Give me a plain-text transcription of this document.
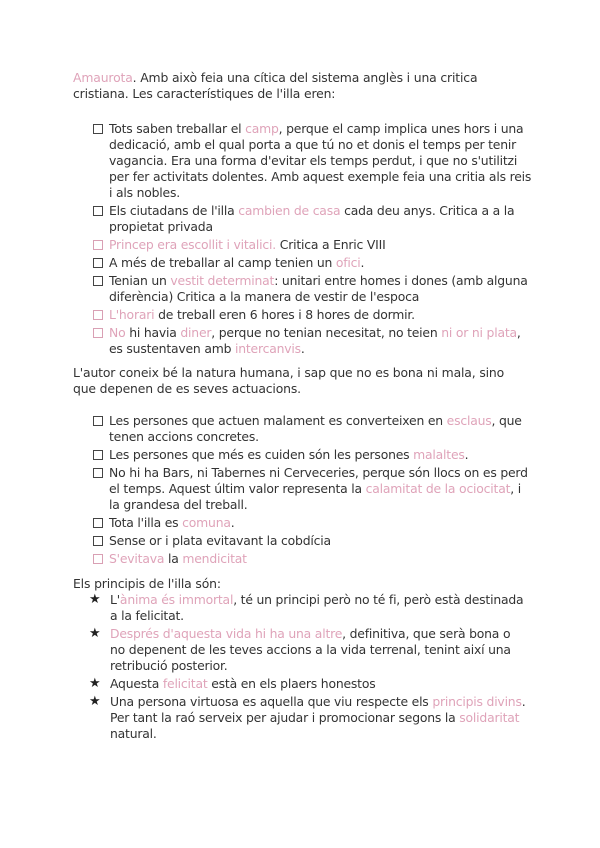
Amaurota. Amb això feia una cítica del sistema anglès i una critica cristiana. Les característiques de l'illa eren:
Tots saben treballar el camp, perque el camp implica unes hors i una dedicació, amb el qual porta a que tú no et donis el temps per tenir vagancia. Era una forma d'evitar els temps perdut, i que no s'utilitzi per fer activitats dolentes. Amb aquest exemple feia una critia als reis i als nobles.
Els ciutadans de l'illa cambien de casa cada deu anys. Critica a a la propietat privada
Princep era escollit i vitalici. Critica a Enric VIII
A més de treballar al camp tenien un ofici.
Tenian un vestit determinat: unitari entre homes i dones (amb alguna diferència) Critica a la manera de vestir de l'espoca
L'horari de treball eren 6 hores i 8 hores de dormir.
No hi havia diner, perque no tenian necesitat, no teien ni or ni plata, es sustentaven amb intercanvis.
L'autor coneix bé la natura humana, i sap que no es bona ni mala, sino que depenen de es seves actuacions.
Les persones que actuen malament es converteixen en esclaus, que tenen accions concretes.
Les persones que més es cuiden són les persones malaltes.
No hi ha Bars, ni Tabernes ni Cerveceries, perque són llocs on es perd el temps. Aquest últim valor representa la calamitat de la ociocitat, i la grandesa del treball.
Tota l'illa es comuna.
Sense or i plata evitavant la cobdícia
S'evitava la mendicitat
Els principis de l'illa són:
★ L'ànima és immortal, té un principi però no té fi, però està destinada a la felicitat.
★ Després d'aquesta vida hi ha una altre, definitiva, que serà bona o no depenent de les teves accions a la vida terrenal, tenint així una retribució posterior.
★ Aquesta felicitat està en els plaers honestos
★ Una persona virtuosa es aquella que viu respecte els principis divins. Per tant la raó serveix per ajudar i promocionar segons la solidaritat natural.
